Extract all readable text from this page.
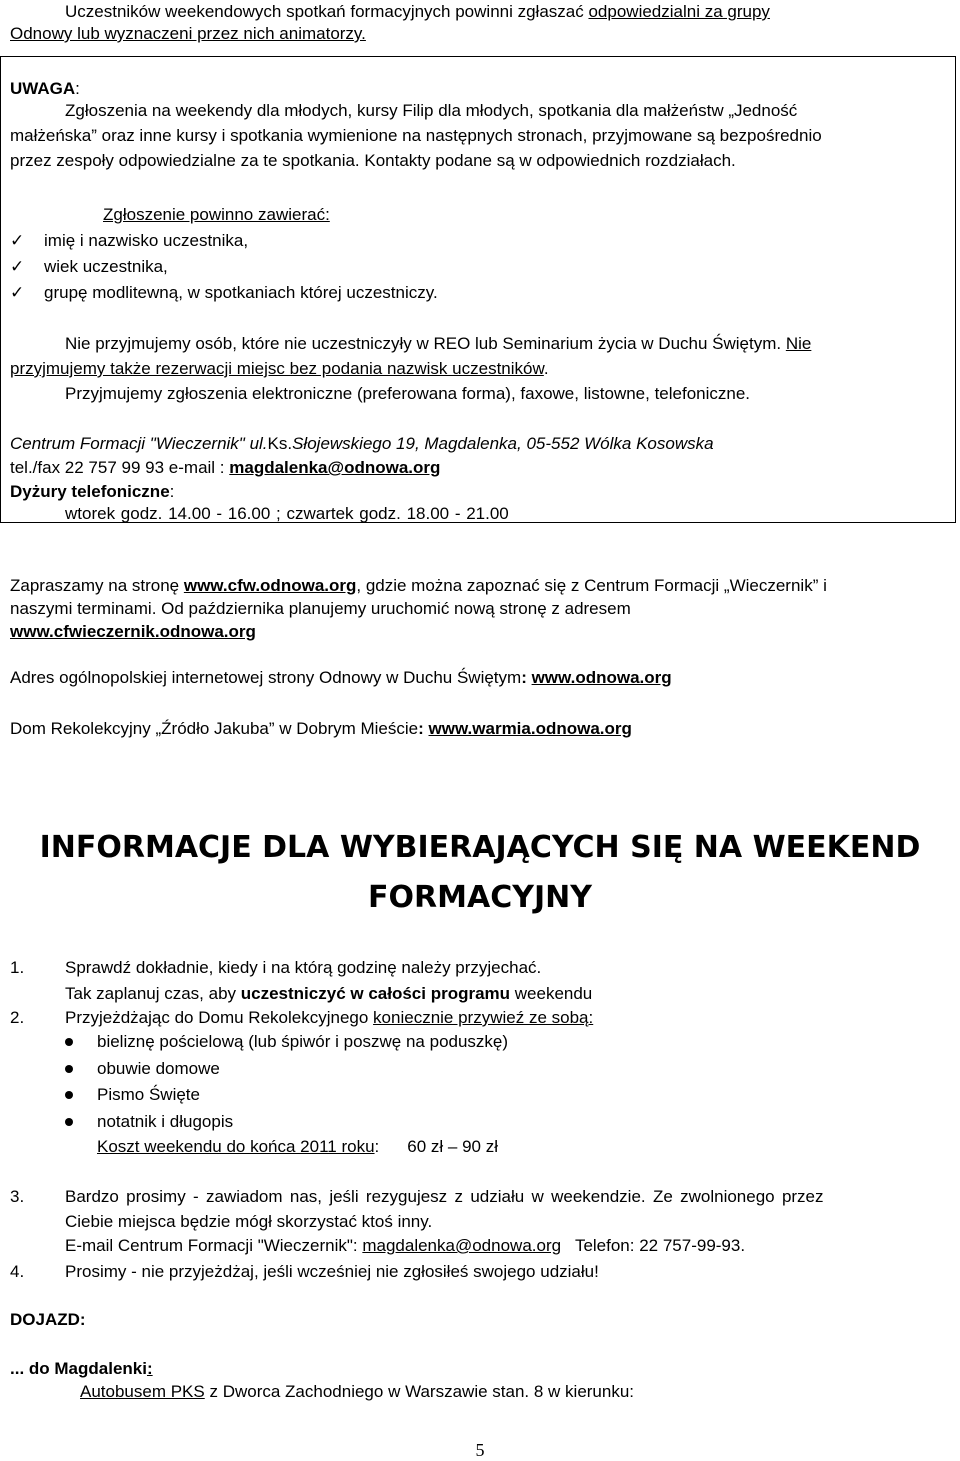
Uczestników weekendowych spotkań formacyjnych powinni zgłaszać odpowiedzialni za grupy
Odnowy lub wyznaczeni przez nich animatorzy.
UWAGA:
Zgłoszenia na weekendy dla młodych, kursy Filip dla młodych, spotkania dla małżeństw „Jedność
małżeńska” oraz inne kursy i spotkania wymienione na następnych stronach, przyjmowane są bezpośrednio
przez zespoły odpowiedzialne za te spotkania. Kontakty podane są w odpowiednich rozdziałach.
Zgłoszenie powinno zawierać:
✓ imię i nazwisko uczestnika,
✓ wiek uczestnika,
✓ grupę modlitewną, w spotkaniach której uczestniczy.
Nie przyjmujemy osób, które nie uczestniczyły w REO lub Seminarium życia w Duchu Świętym. Nie
przyjmujemy także rezerwacji miejsc bez podania nazwisk uczestników.
Przyjmujemy zgłoszenia elektroniczne (preferowana forma), faxowe, listowne, telefoniczne.
Centrum Formacji "Wieczernik" ul.Ks.Słojewskiego 19, Magdalenka, 05-552 Wólka Kosowska
tel./fax 22 757 99 93 e-mail : magdalenka@odnowa.org
Dyżury telefoniczne:
wtorek godz. 14.00 - 16.00 ; czwartek godz. 18.00 - 21.00
Zapraszamy na stronę www.cfw.odnowa.org, gdzie można zapoznać się z Centrum Formacji „Wieczernik” i
naszymi terminami. Od października planujemy uruchomić nową stronę z adresem
www.cfwieczernik.odnowa.org
Adres ogólnopolskiej internetowej strony Odnowy w Duchu Świętym: www.odnowa.org
Dom Rekolekcyjny „Źródło Jakuba” w Dobrym Mieście: www.warmia.odnowa.org
INFORMACJE DLA WYBIERAJĄCYCH SIĘ NA WEEKEND
FORMACYJNY
1. Sprawdź dokładnie, kiedy i na którą godzinę należy przyjechać.
Tak zaplanuj czas, aby uczestniczyć w całości programu weekendu
2. Przyjeżdżając do Domu Rekolekcyjnego koniecznie przywieź ze sobą:
bieliznę pościelową (lub śpiwór i poszwę na poduszkę)
obuwie domowe
Pismo Święte
notatnik i długopis
Koszt weekendu do końca 2011 roku: 60 zł – 90 zł
3. Bardzo prosimy - zawiadom nas, jeśli rezygujesz z udziału w weekendzie. Ze zwolnionego przez
Ciebie miejsca będzie mógł skorzystać ktoś inny.
E-mail Centrum Formacji "Wieczernik": magdalenka@odnowa.org   Telefon: 22 757-99-93.
4. Prosimy - nie przyjeżdżaj, jeśli wcześniej nie zgłosiłeś swojego udziału!
DOJAZD:
... do Magdalenki:
Autobusem PKS z Dworca Zachodniego w Warszawie stan. 8 w kierunku:
5
